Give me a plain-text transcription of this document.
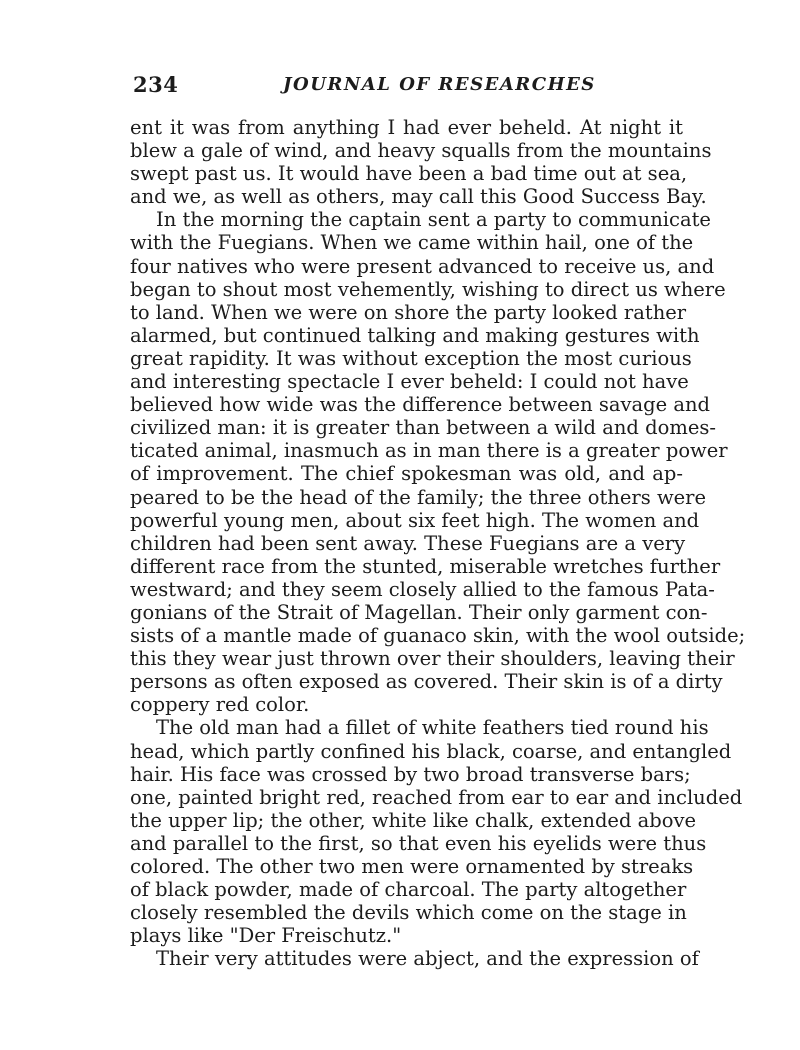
234	JOURNAL OF RESEARCHES
ent it was from anything I had ever beheld. At night it
blew a gale of wind, and heavy squalls from the mountains
swept past us. It would have been a bad time out at sea,
and we, as well as others, may call this Good Success Bay.
In the morning the captain sent a party to communicate
with the Fuegians. When we came within hail, one of the
four natives who were present advanced to receive us, and
began to shout most vehemently, wishing to direct us where
to land. When we were on shore the party looked rather
alarmed, but continued talking and making gestures with
great rapidity. It was without exception the most curious
and interesting spectacle I ever beheld: I could not have
believed how wide was the difference between savage and
civilized man: it is greater than between a wild and domes-
ticated animal, inasmuch as in man there is a greater power
of improvement. The chief spokesman was old, and ap-
peared to be the head of the family; the three others were
powerful young men, about six feet high. The women and
children had been sent away. These Fuegians are a very
different race from the stunted, miserable wretches further
westward; and they seem closely allied to the famous Pata-
gonians of the Strait of Magellan. Their only garment con-
sists of a mantle made of guanaco skin, with the wool outside;
this they wear just thrown over their shoulders, leaving their
persons as often exposed as covered. Their skin is of a dirty
coppery red color.
The old man had a fillet of white feathers tied round his
head, which partly confined his black, coarse, and entangled
hair. His face was crossed by two broad transverse bars;
one, painted bright red, reached from ear to ear and included
the upper lip; the other, white like chalk, extended above
and parallel to the first, so that even his eyelids were thus
colored. The other two men were ornamented by streaks
of black powder, made of charcoal. The party altogether
closely resembled the devils which come on the stage in
plays like "Der Freischutz."
Their very attitudes were abject, and the expression of
